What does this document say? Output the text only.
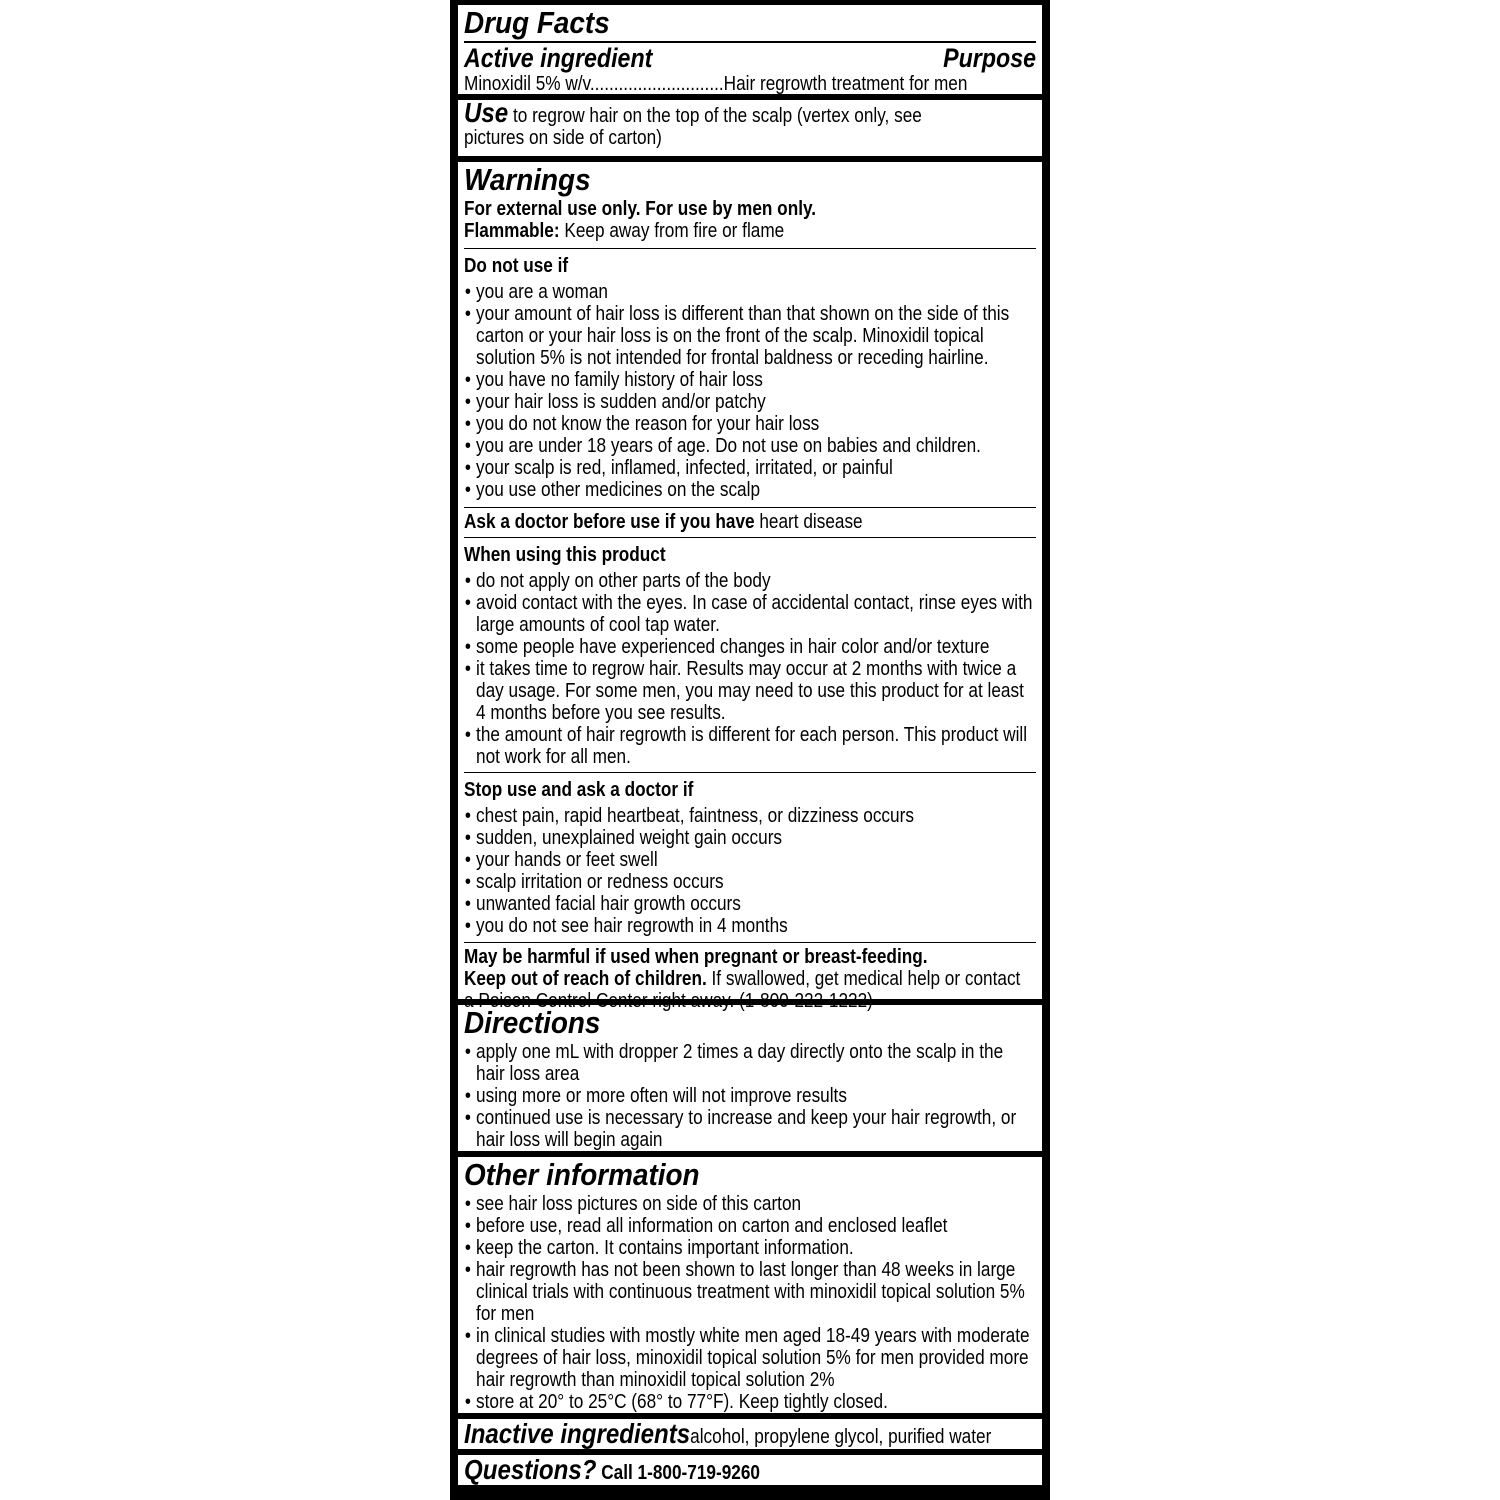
Drug Facts
Active ingredient	Purpose
Minoxidil 5% w/v............................Hair regrowth treatment for men
Use to regrow hair on the top of the scalp (vertex only, see
pictures on side of carton)
Warnings
For external use only. For use by men only.
Flammable: Keep away from fire or flame
Do not use if
• you are a woman
• your amount of hair loss is different than that shown on the side of this carton or your hair loss is on the front of the scalp. Minoxidil topical solution 5% is not intended for frontal baldness or receding hairline.
• you have no family history of hair loss
• your hair loss is sudden and/or patchy
• you do not know the reason for your hair loss
• you are under 18 years of age. Do not use on babies and children.
• your scalp is red, inflamed, infected, irritated, or painful
• you use other medicines on the scalp
Ask a doctor before use if you have heart disease
When using this product
• do not apply on other parts of the body
• avoid contact with the eyes. In case of accidental contact, rinse eyes with large amounts of cool tap water.
• some people have experienced changes in hair color and/or texture
• it takes time to regrow hair. Results may occur at 2 months with twice a day usage. For some men, you may need to use this product for at least 4 months before you see results.
• the amount of hair regrowth is different for each person. This product will not work for all men.
Stop use and ask a doctor if
• chest pain, rapid heartbeat, faintness, or dizziness occurs
• sudden, unexplained weight gain occurs
• your hands or feet swell
• scalp irritation or redness occurs
• unwanted facial hair growth occurs
• you do not see hair regrowth in 4 months
May be harmful if used when pregnant or breast-feeding.
Keep out of reach of children. If swallowed, get medical help or contact a Poison Control Center right away. (1-800-222-1222)
Directions
• apply one mL with dropper 2 times a day directly onto the scalp in the hair loss area
• using more or more often will not improve results
• continued use is necessary to increase and keep your hair regrowth, or hair loss will begin again
Other information
• see hair loss pictures on side of this carton
• before use, read all information on carton and enclosed leaflet
• keep the carton. It contains important information.
• hair regrowth has not been shown to last longer than 48 weeks in large clinical trials with continuous treatment with minoxidil topical solution 5% for men
• in clinical studies with mostly white men aged 18-49 years with moderate degrees of hair loss, minoxidil topical solution 5% for men provided more hair regrowth than minoxidil topical solution 2%
• store at 20° to 25°C (68° to 77°F). Keep tightly closed.
Inactive ingredientsalcohol, propylene glycol, purified water
Questions? Call 1-800-719-9260
